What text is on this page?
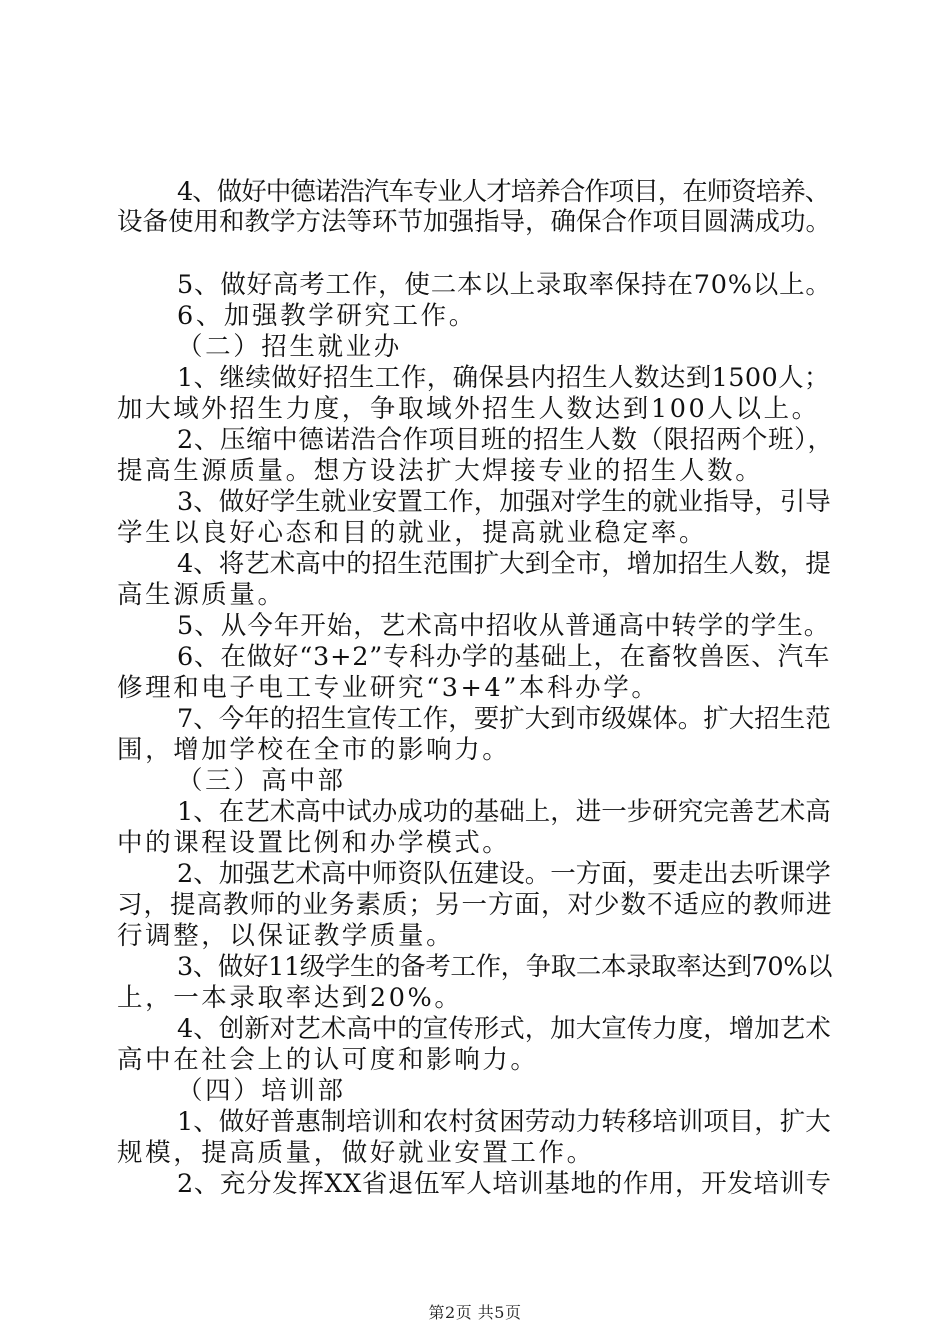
4、做好中德诺浩汽车专业人才培养合作项目，在师资培养、

设备使用和教学方法等环节加强指导，确保合作项目圆满成功。

5、做好高考工作，使二本以上录取率保持在70%以上。

6、加强教学研究工作。

（二）招生就业办

1、继续做好招生工作，确保县内招生人数达到1500人；

加大域外招生力度，争取域外招生人数达到100人以上。

2、压缩中德诺浩合作项目班的招生人数（限招两个班），

提高生源质量。想方设法扩大焊接专业的招生人数。

3、做好学生就业安置工作，加强对学生的就业指导，引导

学生以良好心态和目的就业，提高就业稳定率。

4、将艺术高中的招生范围扩大到全市，增加招生人数，提

高生源质量。

5、从今年开始，艺术高中招收从普通高中转学的学生。

6、在做好“3+2”专科办学的基础上，在畜牧兽医、汽车

修理和电子电工专业研究“3+4”本科办学。

7、今年的招生宣传工作，要扩大到市级媒体。扩大招生范

围，增加学校在全市的影响力。

（三）高中部

1、在艺术高中试办成功的基础上，进一步研究完善艺术高

中的课程设置比例和办学模式。

2、加强艺术高中师资队伍建设。一方面，要走出去听课学

习，提高教师的业务素质；另一方面，对少数不适应的教师进

行调整，以保证教学质量。

3、做好11级学生的备考工作，争取二本录取率达到70%以

上，一本录取率达到20%。

4、创新对艺术高中的宣传形式，加大宣传力度，增加艺术

高中在社会上的认可度和影响力。

（四）培训部

1、做好普惠制培训和农村贫困劳动力转移培训项目，扩大

规模，提高质量，做好就业安置工作。

2、充分发挥XX省退伍军人培训基地的作用，开发培训专

第2页 共5页
